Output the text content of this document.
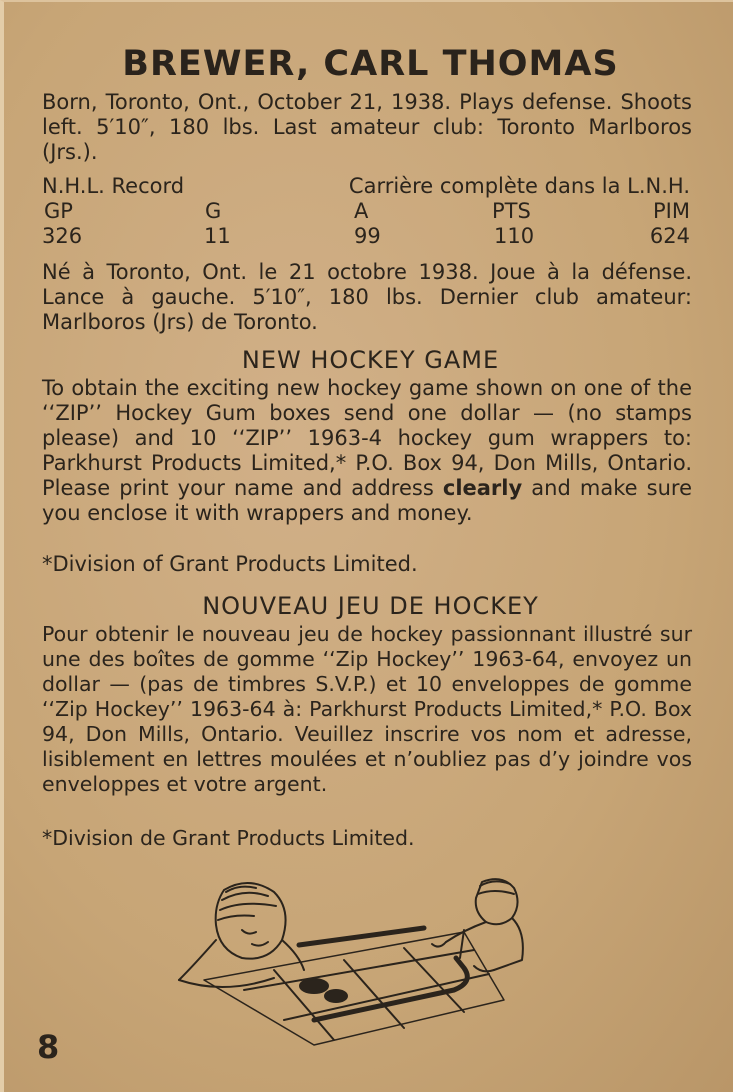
BREWER, CARL THOMAS
Born, Toronto, Ont., October 21, 1938. Plays defense. Shoots left. 5′10″, 180 lbs. Last amateur club: Toronto Marlboros (Jrs.).
N.H.L. Record	Carrière complète dans la L.N.H.
GP	G	A	PTS	PIM
326	11	99	110	624
Né à Toronto, Ont. le 21 octobre 1938. Joue à la défense. Lance à gauche. 5′10″, 180 lbs. Dernier club amateur: Marlboros (Jrs) de Toronto.
NEW HOCKEY GAME
To obtain the exciting new hockey game shown on one of the ‘‘ZIP’’ Hockey Gum boxes send one dollar — (no stamps please) and 10 ‘‘ZIP’’ 1963-4 hockey gum wrappers to: Parkhurst Products Limited,* P.O. Box 94, Don Mills, Ontario. Please print your name and address clearly and make sure you enclose it with wrappers and money.
*Division of Grant Products Limited.
NOUVEAU JEU DE HOCKEY
Pour obtenir le nouveau jeu de hockey passionnant illustré sur une des boîtes de gomme ‘‘Zip Hockey’’ 1963-64, envoyez un dollar — (pas de timbres S.V.P.) et 10 enveloppes de gomme ‘‘Zip Hockey’’ 1963-64 à: Parkhurst Products Limited,* P.O. Box 94, Don Mills, Ontario. Veuillez inscrire vos nom et adresse, lisiblement en lettres moulées et n’oubliez pas d’y joindre vos enveloppes et votre argent.
*Division de Grant Products Limited.
8
